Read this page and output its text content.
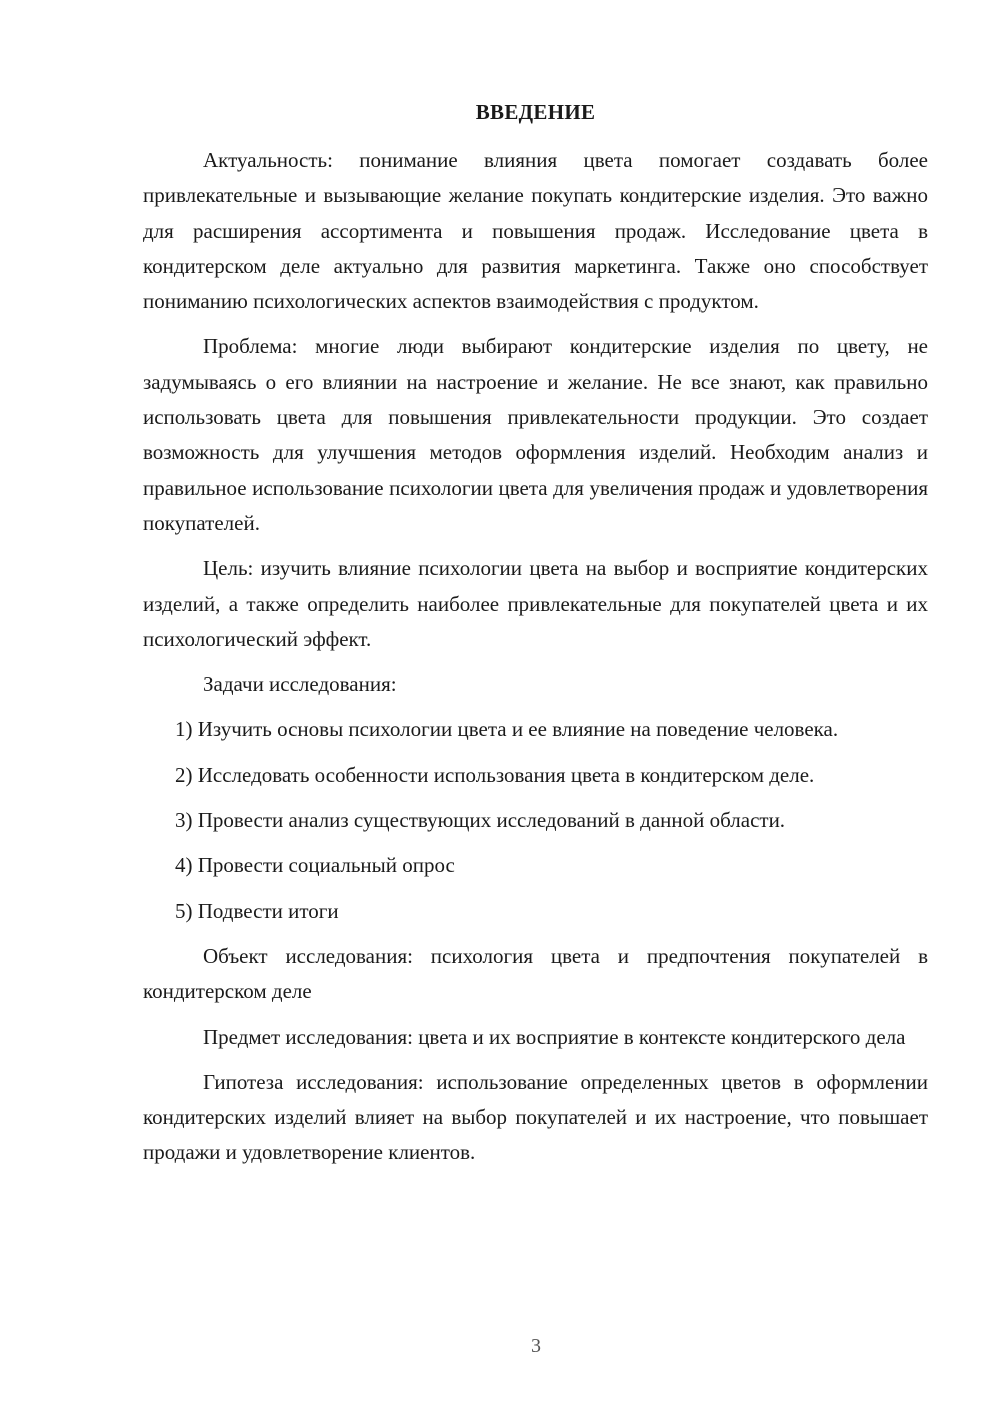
ВВЕДЕНИЕ

Актуальность: понимание влияния цвета помогает создавать более привлекательные и вызывающие желание покупать кондитерские изделия. Это важно для расширения ассортимента и повышения продаж. Исследование цвета в кондитерском деле актуально для развития маркетинга. Также оно способствует пониманию психологических аспектов взаимодействия с продуктом.

Проблема: многие люди выбирают кондитерские изделия по цвету, не задумываясь о его влиянии на настроение и желание. Не все знают, как правильно использовать цвета для повышения привлекательности продукции. Это создает возможность для улучшения методов оформления изделий. Необходим анализ и правильное использование психологии цвета для увеличения продаж и удовлетворения покупателей.

Цель: изучить влияние психологии цвета на выбор и восприятие кондитерских изделий, а также определить наиболее привлекательные для покупателей цвета и их психологический эффект.

Задачи исследования:

1) Изучить основы психологии цвета и ее влияние на поведение человека.

2) Исследовать особенности использования цвета в кондитерском деле.

3) Провести анализ существующих исследований в данной области.

4) Провести социальный опрос

5) Подвести итоги

Объект исследования: психология цвета и предпочтения покупателей в кондитерском деле

Предмет исследования: цвета и их восприятие в контексте кондитерского дела

Гипотеза исследования: использование определенных цветов в оформлении кондитерских изделий влияет на выбор покупателей и их настроение, что повышает продажи и удовлетворение клиентов.

3
